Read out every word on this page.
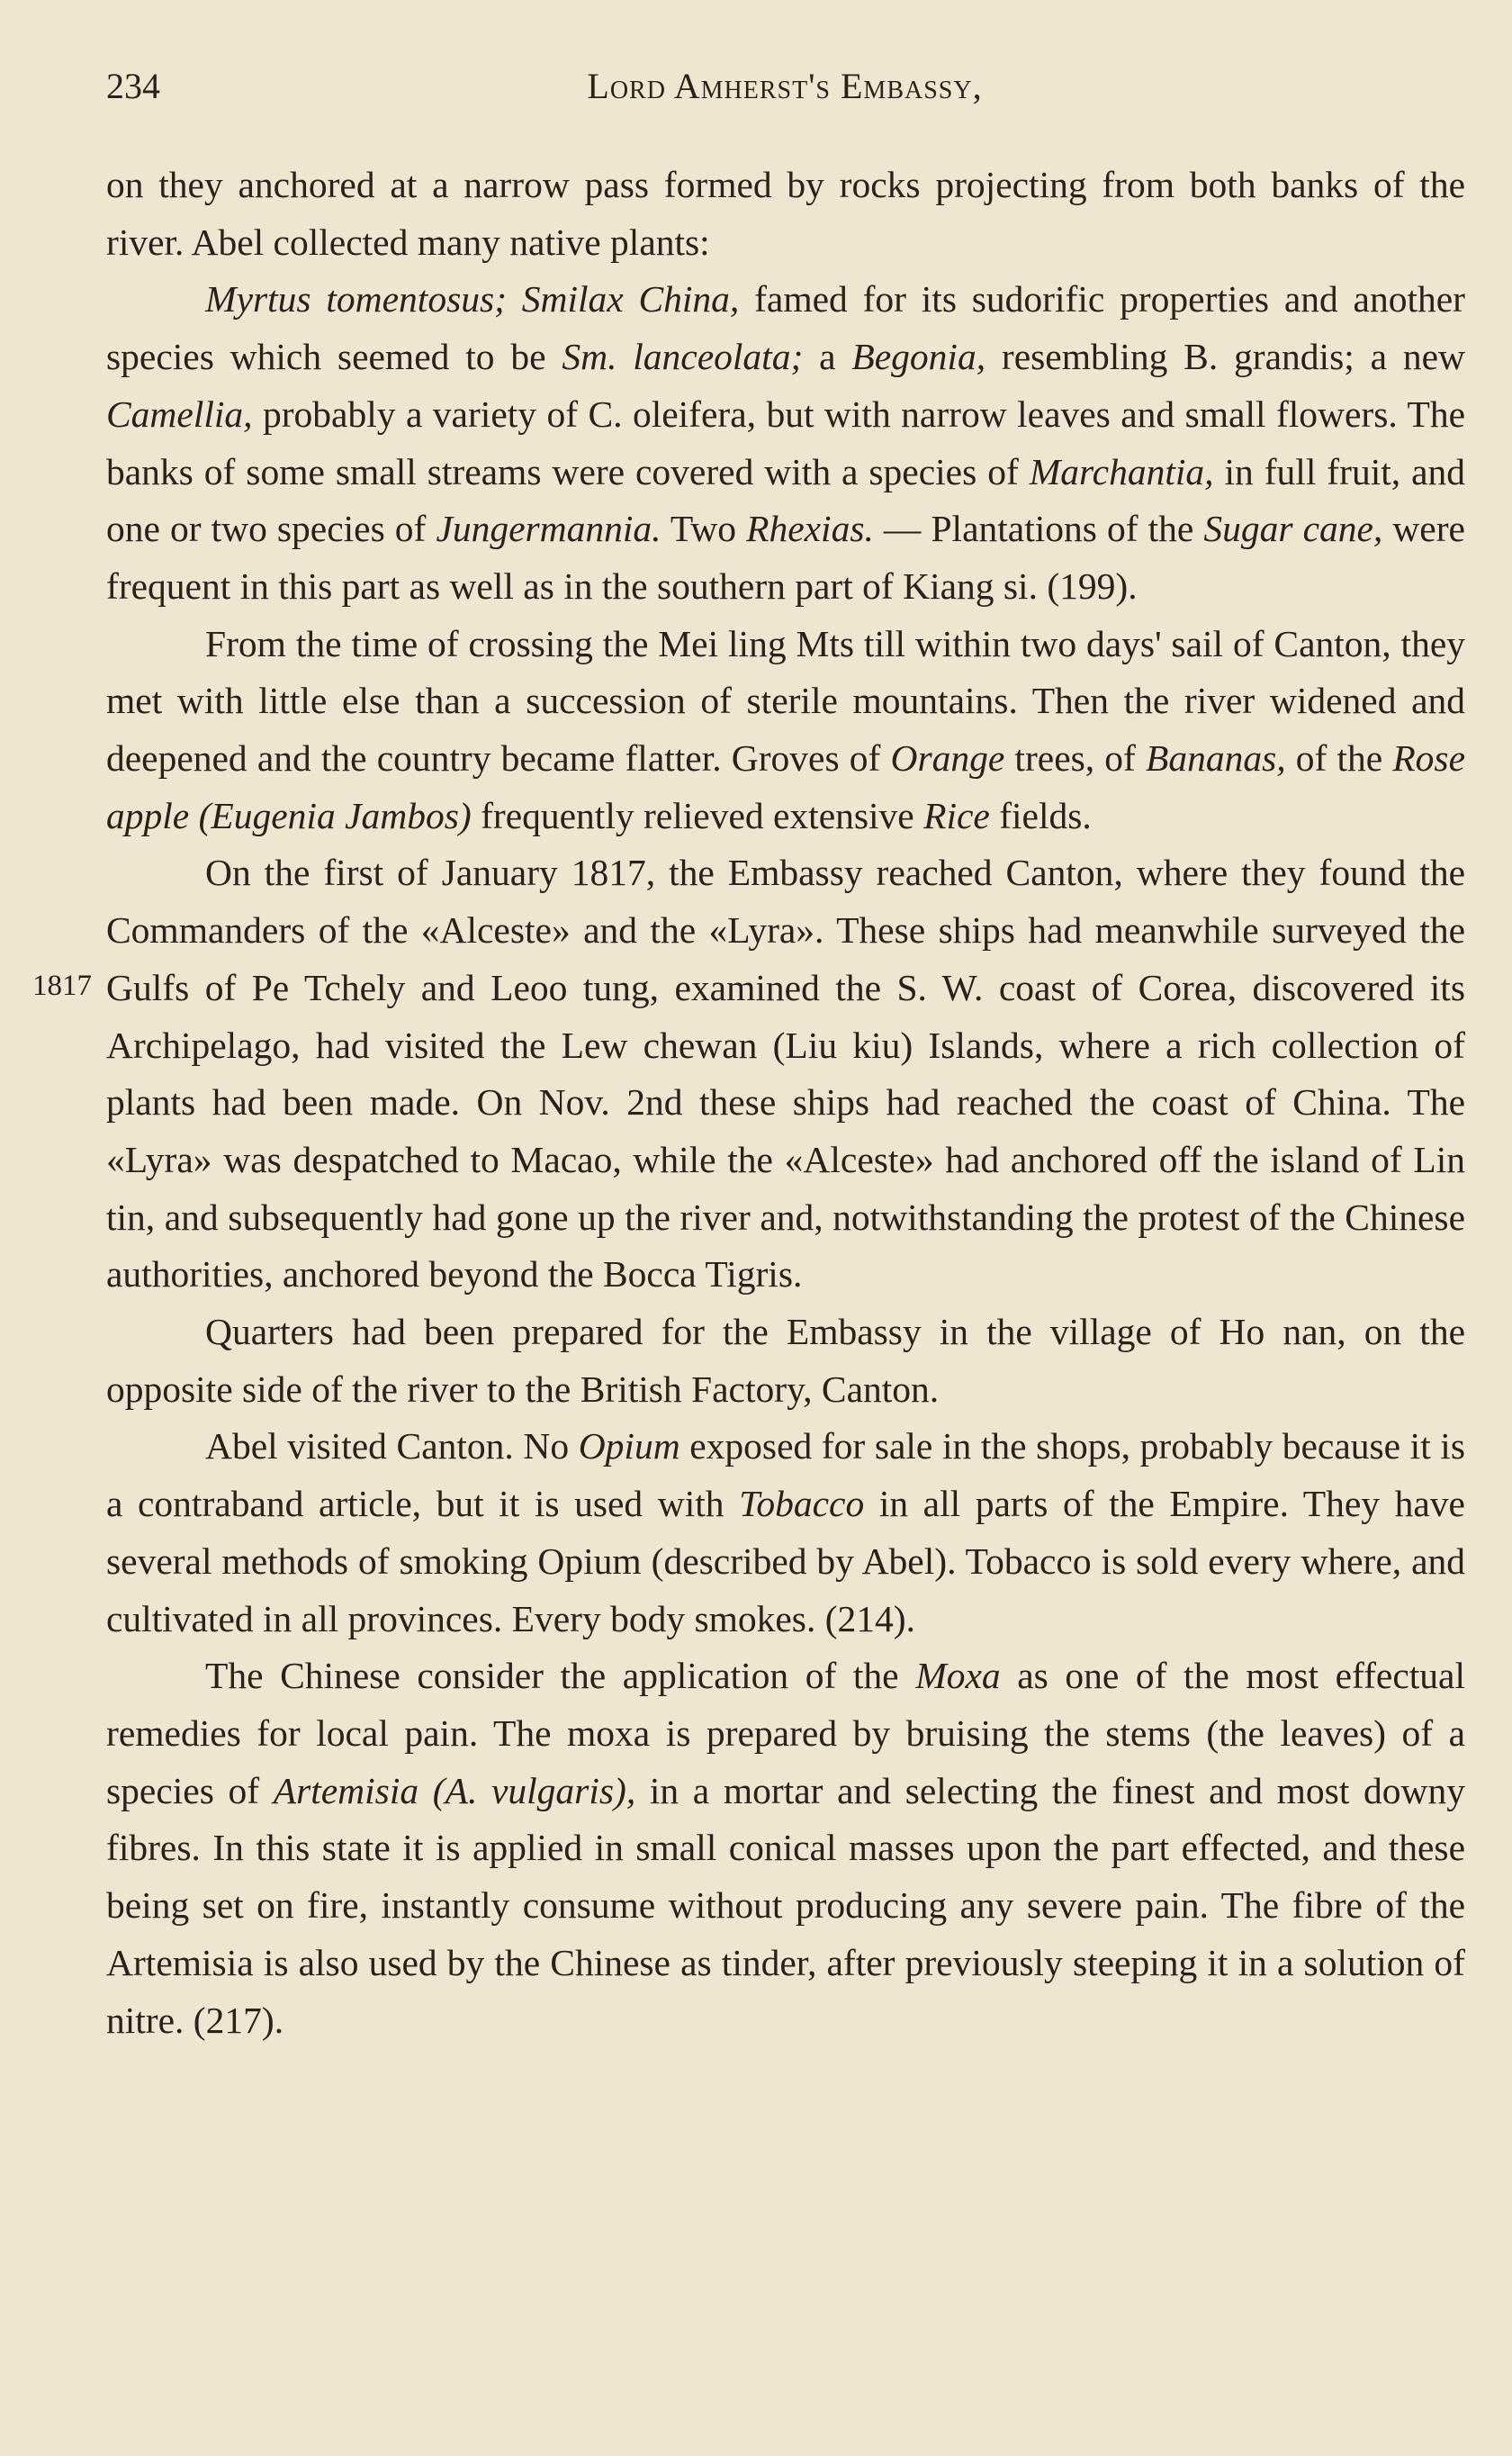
234	Lord Amherst's Embassy,
1817

on they anchored at a narrow pass formed by rocks projecting from both banks of the river. Abel collected many native plants:

Myrtus tomentosus; Smilax China, famed for its sudorific properties and another species which seemed to be Sm. lanceolata; a Begonia, resembling B. grandis; a new Camellia, probably a variety of C. oleifera, but with narrow leaves and small flowers. The banks of some small streams were covered with a species of Marchantia, in full fruit, and one or two species of Jungermannia. Two Rhexias. — Plantations of the Sugar cane, were frequent in this part as well as in the southern part of Kiang si. (199).

From the time of crossing the Mei ling Mts till within two days' sail of Canton, they met with little else than a succession of sterile mountains. Then the river widened and deepened and the country became flatter. Groves of Orange trees, of Bananas, of the Rose apple (Eugenia Jambos) frequently relieved extensive Rice fields.

On the first of January 1817, the Embassy reached Canton, where they found the Commanders of the «Alceste» and the «Lyra». These ships had meanwhile surveyed the Gulfs of Pe Tchely and Leoo tung, examined the S. W. coast of Corea, discovered its Archipelago, had visited the Lew chewan (Liu kiu) Islands, where a rich collection of plants had been made. On Nov. 2nd these ships had reached the coast of China. The «Lyra» was despatched to Macao, while the «Alceste» had anchored off the island of Lin tin, and subsequently had gone up the river and, notwithstanding the protest of the Chinese authorities, anchored beyond the Bocca Tigris.

Quarters had been prepared for the Embassy in the village of Ho nan, on the opposite side of the river to the British Factory, Canton.

Abel visited Canton. No Opium exposed for sale in the shops, probably because it is a contraband article, but it is used with Tobacco in all parts of the Empire. They have several methods of smoking Opium (described by Abel). Tobacco is sold every where, and cultivated in all provinces. Every body smokes. (214).

The Chinese consider the application of the Moxa as one of the most effectual remedies for local pain. The moxa is prepared by bruising the stems (the leaves) of a species of Artemisia (A. vulgaris), in a mortar and selecting the finest and most downy fibres. In this state it is applied in small conical masses upon the part effected, and these being set on fire, instantly consume without producing any severe pain. The fibre of the Artemisia is also used by the Chinese as tinder, after previously steeping it in a solution of nitre. (217).
